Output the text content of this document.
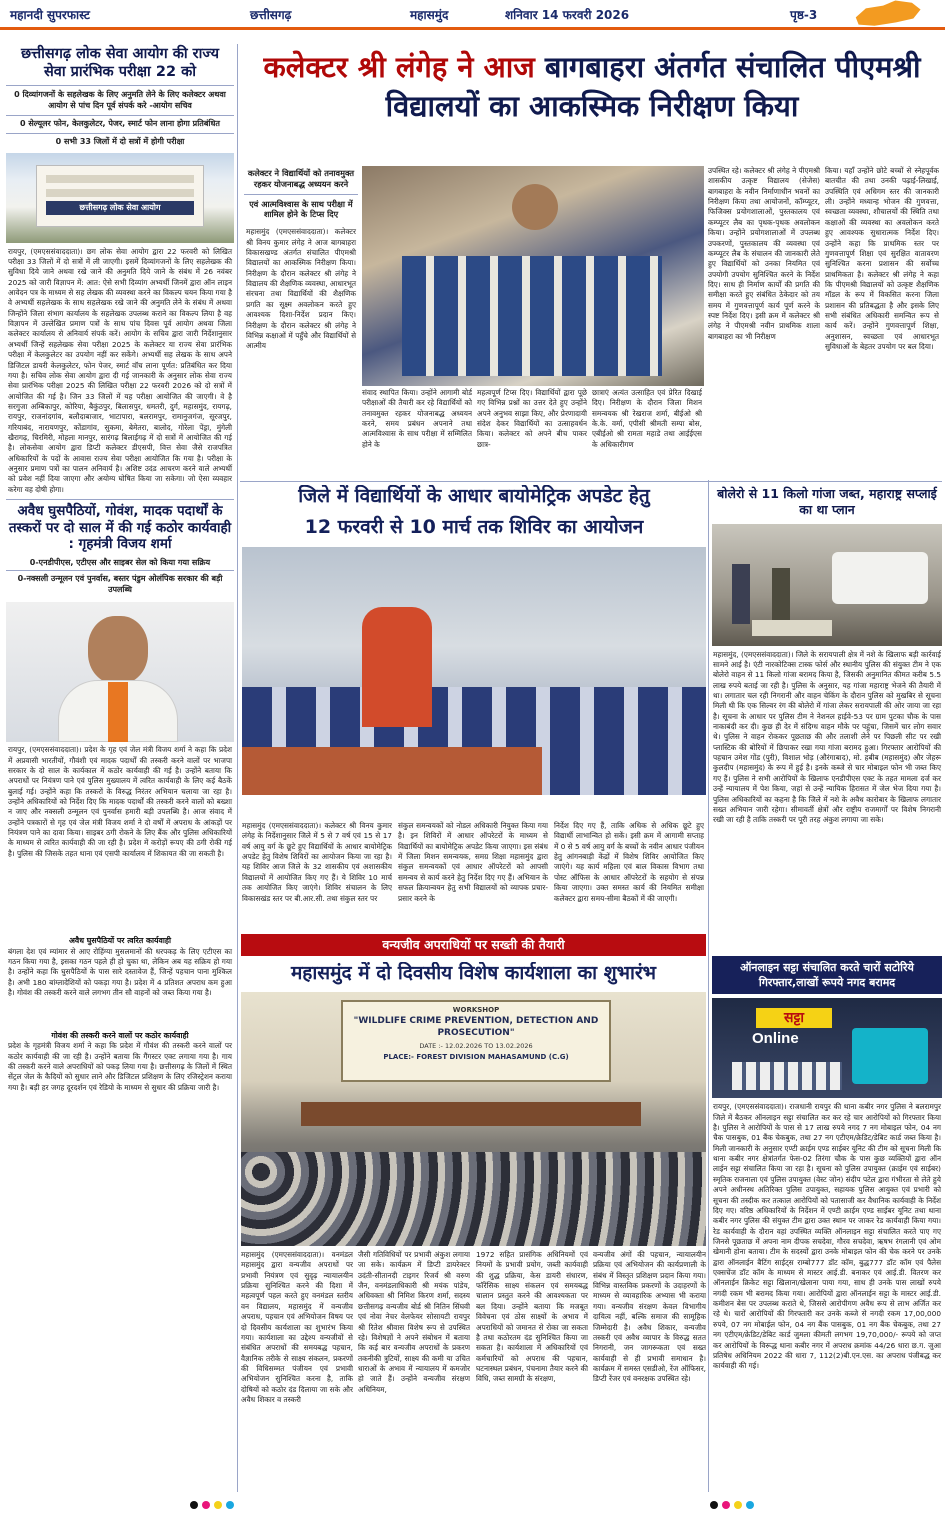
महानदी सुपरफास्ट	छत्तीसगढ़	महासमुंद	शनिवार 14 फरवरी 2026	पृष्ठ-3
छत्तीसगढ़ लोक सेवा आयोग की राज्य सेवा प्रारंभिक परीक्षा 22 को
0 दिव्यांगजनों के सहलेखक के लिए अनुमति लेने के लिए कलेक्टर अथवा आयोग से पांच दिन पूर्व संपर्क करे -आयोग सचिव
0 सेल्यूलर फोन, केलकुलेटर, पेजर, स्मार्ट फोन लाना होगा प्रतिबंधित
0 सभी 33 जिलों में दो सत्रों में होगी परीक्षा
छत्तीसगढ़ लोक सेवा आयोग
रायपुर, (एमएससंवाददाता)। छग लोक सेवा आयोग द्वारा 22 फरवरी को लिखित परीक्षा 33 जिलों में दो सत्रों में ली जाएगी। इसमें दिव्यांगजनों के लिए सहलेखक की सुविधा दिये जाने अथवा रखे जाने की अनुमति दिये जाने के संबंध में 26 नवंबर 2025 को जारी विज्ञापन में: आत: ऐसे सभी दिव्यांग अभ्यर्थी जिनमें द्वारा ऑन लाइन आवेदन पत्र के माध्यम से सह लेखक की व्यवस्था करने का विकल्प चयन किया गया है वे अभ्यर्थी सहलेखक के साथ सहलेखक रखे जाने की अनुमति लेने के संबंध में अथवा जिन्होंने जिला संभाग कार्यालय के सहलेखक उपलब्ध कराने का विकल्प लिया है वह विज्ञापन में उल्लेखित प्रमाण पत्रों के साथ पांच दिवस पूर्व आयोग अथवा जिला कलेक्टर कार्यालय से अनिवार्य संपर्क करें। आयोग के सचिव द्वारा जारी निर्देशानुसार अभ्यर्थी जिन्हें सहलेखक सेवा परीक्षा 2025 के कलेक्टर या राज्य सेवा प्रारंभिक परीक्षा में केलकुलेटर का उपयोग नहीं कर सकेंगे। अभ्यर्थी सह लेखक के साथ अपने डिजिटल डायरी केलकुलेटर, फोन पेजर, स्मार्ट वॉच लाना पूर्णत: प्रतिबंधित कर दिया गया है। सचिव लोक सेवा आयोग द्वारा दी गई जानकारी के अनुसार लोक सेवा राज्य सेवा प्रारंभिक परीक्षा 2025 की लिखित परीक्षा 22 फरवरी 2026 को दो सत्रों में आयोजित की गई है। जिन 33 जिलों में यह परीक्षा आयोजित की जाएगी। वे है सरगुजा अम्बिकापुर, कोरिया, बैकुंठपुर, बिलासपुर, धमतरी, दुर्ग, महासमुंद, रायगढ़, रायपुर, राजनांदगांव, बलौदाबाजार, भाटापारा, बलरामपुर, रामानुजगंज, सूरजपुर, गरियाबंद, नारायणपुर, कोंडागांव, सुकमा, बेमेतरा, बालोद, गोरेला पेंड्रा, मुंगेली खैरागढ़, चिरमिरी, मोहला मानपुर, सारंगढ़ बिलाईगढ़ में दो सत्रों में आयोजित की गई है। लोकसेवा आयोग द्वारा डिप्टी कलेक्टर डीएसपी, वित्त सेवा जैसे राजपत्रित अधिकारियों के पदों के आवास राज्य सेवा परीक्षा आयोजित कि गया है। परीक्षा के अनुसार प्रमाण पत्रों का पालन अनिवार्य है। अशिष्ट उदंड आचरण करने वाले अभ्यर्थी को प्रवेश नहीं दिया जाएगा और अयोग्य घोषित किया जा सकेगा। जो ऐसा व्यवहार करेगा वह दोषी होगा।
अवैध घुसपैठियों, गोवंश, मादक पदार्थों के तस्करों पर दो साल में की गई कठोर कार्यवाही : गृहमंत्री विजय शर्मा
0-एनडीपीएस, एटीएस और साइबर सेल को किया गया सक्रिय
0-नक्सली उन्मूलन एवं पुनर्वास, बस्तर पंडुम ओलंपिक सरकार की बड़ी उपलब्धि
रायपुर, (एमएससंवाददाता)। प्रदेश के गृह एवं जेल मंत्री विजय शर्मा ने कहा कि प्रदेश में अप्रवासी भारतीयों, गौवंशी एवं मादक पदार्थों की तस्करी करने वालों पर भाजपा सरकार के दो साल के कार्यकाल में कठोर कार्यवाही की गई है। उन्होंने बताया कि अपराधों पर नियंत्रण पाने एवं पुलिस मुख्यालय में त्वरित कार्यवाही के लिए कई बैठकें बुलाई गई। उन्होंने कहा कि तस्करों के विरुद्ध निरंतर अभियान चलाया जा रहा है। उन्होंने अधिकारियों को निर्देश दिए कि मादक पदार्थों की तस्करी करने वालों को बख्शा न जाए और नक्सली उन्मूलन एवं पुनर्वास हमारी बड़ी उपलब्धि है। आज संवाद में उन्होंने पत्रकारों से गृह एवं जेल मंत्री विजय शर्मा ने दो वर्षों में अपराध के आंकड़ों पर नियंत्रण पाने का दावा किया। साइबर ठगी रोकने के लिए बैंक और पुलिस अधिकारियों के माध्यम से त्वरित कार्यवाही की जा रही है। प्रदेश में करोड़ों रूपए की ठगी रोकी गई है। पुलिस की जिसके तहत थाना एवं एसपी कार्यालय में शिकायत की जा सकती है।
अवैध घुसपैठियों पर त्वरित कार्यवाही
बंगला देश एवं म्यांमार से आए रोहिंग्या मुसलमानों की धरपकड़ के लिए एटीएस का गठन किया गया है, इसका गठन पहले ही हो चुका था, लेकिन अब यह सक्रिय हो गया है। उन्होंने कहा कि घुसपैठियों के पास सारे दस्तावेज हैं, जिन्हें पहचान पाना मुश्किल है। अभी 180 बांग्लादेशियों को पकड़ा गया है। प्रदेश में 4 प्रतिशत अपराध कम हुआ है। गोवंश की तस्करी करने वाले लगभग तीन सौ वाहनों को जब्त किया गया है।
गोवंश की तस्करी करने वालों पर कठोर कार्यवाही
प्रदेश के गृहमंत्री विजय शर्मा ने कहा कि प्रदेश में गौवंश की तस्करी करने वालों पर कठोर कार्यवाही की जा रही है। उन्होंने बताया कि गैंगस्टर एक्ट लगाया गया है। गाय की तस्करी करने वाले अपराधियों को पकड़ लिया गया है। छत्तीसगढ़ के जिलों में स्थित सेंट्रल जेल के कैदियों को सुधार लाने और डिजिटल प्रशिक्षण के लिए रजिस्ट्रेशन कराया गया है। बड़ी हर जगह दूरदर्शन एवं रेडियो के माध्यम से सुधार की प्रक्रिया जारी है।
कलेक्टर श्री लंगेह ने आज बागबाहरा अंतर्गत संचालित पीएमश्री विद्यालयों का आकस्मिक निरीक्षण किया
कलेक्टर ने विद्यार्थियों को तनावमुक्त रहकर योजनाबद्ध अध्ययन करने
एवं आत्मविश्वास के साथ परीक्षा में शामिल होने के टिप्स दिए
महासमुंद (एमएससंवाददाता)। कलेक्टर श्री विनय कुमार लंगेह ने आज बागबाहरा विकासखण्ड अंतर्गत संचालित पीएमश्री विद्यालयों का आकस्मिक निरीक्षण किया। निरीक्षण के दौरान कलेक्टर श्री लंगेह ने विद्यालय की शैक्षणिक व्यवस्था, आधारभूत संरचना तथा विद्यार्थियों की शैक्षणिक प्रगति का सूक्ष्म अवलोकन करते हुए आवश्यक दिशा-निर्देश प्रदान किए। निरीक्षण के दौरान कलेक्टर श्री लंगेह ने विभिन्न कक्षाओं में पहुँचे और विद्यार्थियों से आत्मीय
संवाद स्थापित किया। उन्होंने आगामी बोर्ड परीक्षाओं की तैयारी कर रहे विद्यार्थियों को तनावमुक्त रहकर योजनाबद्ध अध्ययन करने, समय प्रबंधन अपनाने तथा आत्मविश्वास के साथ परीक्षा में सम्मिलित होने के
महत्वपूर्ण टिप्स दिए। विद्यार्थियों द्वारा पूछे गए विभिन्न प्रश्नों का उत्तर देते हुए उन्होंने अपने अनुभव साझा किए, और प्रेरणादायी संदेश देकर विद्यार्थियों का उत्साहवर्धन किया। कलेक्टर को अपने बीच पाकर छात्र-
छात्राएं अत्यंत उत्साहित एवं प्रेरित दिखाई दिए। निरीक्षण के दौरान जिला मिशन समन्वयक श्री रेखराज शर्मा, बीईओ श्री के.के. वर्मा, एपीसी श्रीमती सम्पा बोस, एबीईओ श्री रामता महाडे तथा आईईएस के अधिकारीगण
उपस्थित रहे। कलेक्टर श्री लंगेह ने पीएमश्री शासकीय उत्कृष्ट विद्यालय (सेजेस) बागबाहरा के नवीन निर्माणाधीन भवनों का निरीक्षण किया तथा आयोजनों, कॉम्प्यूटर, फिजिक्स प्रयोगशालाओं, पुस्तकालय एवं कम्प्यूटर लैब का पृथक-पृथक अवलोकन किया। उन्होंने प्रयोगशालाओं में उपलब्ध उपकरणों, पुस्तकालय की व्यवस्था एवं कम्प्यूटर लैब के संचालन की जानकारी लेते हुए विद्यार्थियों को उनका नियमित एवं उपयोगी उपयोग सुनिश्चित करने के निर्देश दिए। साथ ही निर्माण कार्यों की प्रगति की समीक्षा करते हुए संबंधित ठेकेदार को तय समय में गुणवत्तापूर्ण कार्य पूर्ण करने के स्पष्ट निर्देश दिए। इसी क्रम में कलेक्टर श्री लंगेह ने पीएमश्री नवीन प्राथमिक शाला बागबाहरा का भी निरीक्षण
किया। यहाँ उन्होंने छोटे बच्चों से स्नेहपूर्वक बातचीत की तथा उनकी पढ़ाई-लिखाई, उपस्थिति एवं अधिगम स्तर की जानकारी ली। उन्होंने मध्यान्ह भोजन की गुणवत्ता, स्वच्छता व्यवस्था, शौचालयों की स्थिति तथा कक्षाओं की व्यवस्था का अवलोकन करते हुए आवश्यक सुधारात्मक निर्देश दिए। उन्होंने कहा कि प्राथमिक स्तर पर गुणवत्तापूर्ण शिक्षा एवं सुरक्षित वातावरण सुनिश्चित करना प्रशासन की सर्वोच्च प्राथमिकता है। कलेक्टर श्री लंगेह ने कहा कि पीएमश्री विद्यालयों को उत्कृष्ट शैक्षणिक मॉडल के रूप में विकसित करना जिला प्रशासन की प्रतिबद्धता है और इसके लिए सभी संबंधित अधिकारी समन्वित रूप से कार्य करें। उन्होंने गुणवत्तापूर्ण शिक्षा, अनुशासन, स्वच्छता एवं आधारभूत सुविधाओं के बेहतर उपयोग पर बल दिया।
जिले में विद्यार्थियों के आधार बायोमेट्रिक अपडेट हेतु
12 फरवरी से 10 मार्च तक शिविर का आयोजन
महासमुंद (एमएससंवाददाता)। कलेक्टर श्री विनय कुमार लंगेह के निर्देशानुसार जिले में 5 से 7 वर्ष एवं 15 से 17 वर्ष आयु वर्ग के छूटे हुए विद्यार्थियों के आधार बायोमेट्रिक अपडेट हेतु विशेष शिविरों का आयोजन किया जा रहा है। यह शिविर आज जिले के 32 शासकीय एवं अशासकीय विद्यालयों में आयोजित किए गए हैं। ये शिविर 10 मार्च तक आयोजित किए जाएंगे। शिविर संचालन के लिए विकासखंड स्तर पर बी.आर.सी. तथा संकुल स्तर पर
संकुल समन्वयकों को नोडल अधिकारी नियुक्त किया गया है। इन शिविरों में आधार ऑपरेटरों के माध्यम से विद्यार्थियों का बायोमेट्रिक अपडेट किया जाएगा। इस संबंध में जिला मिशन समन्वयक, समग्र शिक्षा महासमुंद द्वारा संकुल समन्वयकों एवं आधार ऑपरेटरों को आपसी समन्वय से कार्य करने हेतु निर्देश दिए गए हैं। अभियान के सफल क्रियान्वयन हेतु सभी विद्यालयों को व्यापक प्रचार-प्रसार करने के
निर्देश दिए गए हैं, ताकि अधिक से अधिक छूटे हुए विद्यार्थी लाभान्वित हो सकें। इसी क्रम में आगामी सप्ताह में 0 से 5 वर्ष आयु वर्ग के बच्चों के नवीन आधार पंजीयन हेतु आंगनबाड़ी केंद्रों में विशेष शिविर आयोजित किए जाएंगे। यह कार्य महिला एवं बाल विकास विभाग तथा पोस्ट ऑफिस के आधार ऑपरेटरों के सहयोग से संपन्न किया जाएगा। उक्त समस्त कार्य की नियमित समीक्षा कलेक्टर द्वारा समय-सीमा बैठकों में की जाएगी।
बोलेरो से 11 किलो गांजा जब्त, महाराष्ट्र सप्लाई का था प्लान
महासमुंद, (एमएससंवाददाता)। जिले के सरायपाली क्षेत्र में नशे के खिलाफ बड़ी कार्रवाई सामने आई है। एंटी नारकोटिक्स टास्क फोर्स और स्थानीय पुलिस की संयुक्त टीम ने एक बोलेरो वाहन से 11 किलो गांजा बरामद किया है, जिसकी अनुमानित कीमत करीब 5.5 लाख रुपये बताई जा रही है। पुलिस के अनुसार, यह गांजा महाराष्ट्र भेजने की तैयारी में था। लगातार चल रही निगरानी और वाहन चेकिंग के दौरान पुलिस को मुखबिर से सूचना मिली थी कि एक सिल्वर रंग की बोलेरो में गांजा लेकर सरायपाली की ओर जाया जा रहा है। सूचना के आधार पर पुलिस टीम ने नेशनल हाईवे-53 पर ग्राम पुटका चौक के पास नाकाबंदी कर दी। कुछ ही देर में संदिग्ध वाहन मौके पर पहुंचा, जिसमें चार लोग सवार थे। पुलिस ने वाहन रोककर पूछताछ की और तलाशी लेने पर पिछली सीट पर रखी प्लास्टिक की बोरियों में छिपाकर रखा गया गांजा बरामद हुआ। गिरफ्तार आरोपियों की पहचान उमेश गोंड (पुरी), विशाल भोड़ (औरंगाबाद), मो. हबीब (महासमुंद) और जेहरू कुलदीप (महासमुंद) के रूप में हुई है। इनके कब्जे से चार मोबाइल फोन भी जब्त किए गए हैं। पुलिस ने सभी आरोपियों के खिलाफ एनडीपीएस एक्ट के तहत मामला दर्ज कर उन्हें न्यायालय में पेश किया, जहां से उन्हें न्यायिक हिरासत में जेल भेज दिया गया है। पुलिस अधिकारियों का कहना है कि जिले में नशे के अवैध कारोबार के खिलाफ लगातार सख्त अभियान जारी रहेगा। सीमावर्ती क्षेत्रों और राष्ट्रीय राजमार्गों पर विशेष निगरानी रखी जा रही है ताकि तस्करी पर पूरी तरह अंकुश लगाया जा सके।
ऑनलाइन सट्टा संचालित करते चारों सटोरिये गिरफ्तार,लाखों रूपये नगद बरामद
सट्टा
Online
रायपुर, (एमएससंवाददाता)। राजधानी रायपुर की थाना कबीर नगर पुलिस ने बलरामपुर जिले में बैठकर ऑनलाइन सट्टा संचालित कर कर रहे चार आरोपियों को गिरफ्तार किया है। पुलिस ने आरोपियों के पास से 17 लाख रुपये नगद 7 नग मोबाइल फोन, 04 नग चैक पासबुक, 01 बैंक चेकबुक, तथा 27 नग एटीएम/क्रेडिट/डेबिट कार्ड जब्त किया है। मिली जानकारी के अनुसार एण्टी क्राईम एण्ड साईबर यूनिट की टीम को सूचना मिली कि थाना कबीर नगर क्षेत्रांतर्गत फेस-02 तिरंगा चौक के पास कुछ व्यक्तियों द्वारा ऑन लाईन सट्टा संचालित किया जा रहा है। सूचना को पुलिस उपायुक्त (क्राईम एवं साईबर) स्मृतिक राजनाला एवं पुलिस उपायुक्त (वेस्ट जोन) संदीप पटेल द्वारा गंभीरता से लेते हुये अपने अधीनस्थ अतिरिक्त पुलिस उपायुक्त, सहायक पुलिस आयुक्त एवं प्रभारी को सूचना की तस्दीक कर तत्काल आरोपियों को पतासाजी कर वैधानिक कार्यवाही के निर्देश दिए गए। वरिष्ठ अधिकारियों के निर्देशन में एण्टी क्राईम एण्ड साईबर यूनिट तथा थाना कबीर नगर पुलिस की संयुक्त टीम द्वारा उक्त स्थान पर जाकर रेड कार्यवाही किया गया। रेड कार्यवाही के दौरान वहां उपस्थित व्यक्ति ऑनलाइन सट्टा संचालित करते पाए गए जिनसे पूछताछ में अपना नाम दीपक सचदेवा, गौरव सचदेवा, ऋषभ रंगलानी एवं ओम खेमानी होना बताया। टीम के सदस्यों द्वारा उनके मोबाइल फोन की चेक करने पर उनके द्वारा ऑनलाईन बैटिंग साईट्स राम्बो777 डॉट कॉम, बुद्ध777 डॉट कॉम एवं पैलेस एक्सचेंज डॉट कॉम के माध्यम से मास्टर आई.डी. बनाकर एवं आई.डी. वितरण कर ऑनलाईन क्रिकेट सट्टा खिलाना/खेलाना पाया गया, साथ ही उनके पास लाखों रुपये नगदी रकम भी बरामद किया गया। आरोपियों द्वारा ऑनलाईन सट्टा के मास्टर आई.डी. कमीशन बेस पर उपलब्ध कराते थे, जिससे आरोपीगण अवैध रूप से लाभ अर्जित कर रहे थे। चारों आरोपियों की गिरफ्तारी कर उनके कब्जे से नगदी रकम 17,00,000 रुपये, 07 नग मोबाईल फोन, 04 नग बैंक पासबुक, 01 नग बैंक चेकबुक, तथा 27 नग एटीएम/क्रेडिट/डेबिट कार्ड जुमला कीमती लगभग 19,70,000/- रूपये को जप्त कर आरोपियों के विरूद्ध थाना कबीर नगर में अपराध क्रमांक 44/26 धारा छ.ग. जुआ प्रतिषेध अधिनियम 2022 की धारा 7, 112(2)बी.एन.एस. का अपराध पंजीबद्ध कर कार्यवाही की गई।
वन्यजीव अपराधियों पर सख्ती की तैयारी
महासमुंद में दो दिवसीय विशेष कार्यशाला का शुभारंभ
WORKSHOP
"WILDLIFE CRIME PREVENTION, DETECTION AND PROSECUTION"
DATE :- 12.02.2026 TO 13.02.2026
PLACE:- FOREST DIVISION MAHASAMUND (C.G)
महासमुंद (एमएससंवाददाता)। वनमंडल महासमुंद द्वारा वन्यजीव अपराधों पर प्रभावी नियंत्रण एवं सुदृढ़ न्यायालयीन प्रक्रिया सुनिश्चित करने की दिशा में महत्वपूर्ण पहल करते हुए वनमंडल स्तरीय वन विद्यालय, महासमुंद में वन्यजीव अपराध, पहचान एवं अभियोजन विषय पर दो दिवसीय कार्यशाला का शुभारंभ किया गया। कार्यशाला का उद्देश्य वन्यजीवों से संबंधित अपराधों की समयबद्ध पहचान, वैज्ञानिक तरीके से साक्ष्य संकलन, प्रकरणों की विधिसम्मत पंजीयन एवं प्रभावी अभियोजन सुनिश्चित करना है, ताकि दोषियों को कठोर दंड दिलाया जा सके और अवैध शिकार व तस्करी
जैसी गतिविधियों पर प्रभावी अंकुश लगाया जा सके। कार्यक्रम में डिप्टी डायरेक्टर उदंती-सीतानदी टाइगर रिजर्व श्री वरुण जैन, वनमंडलाधिकारी श्री मयंक पांडेय, अधिवक्ता श्री निमिश किरण शर्मा, सदस्य छत्तीसगढ़ वन्यजीव बोर्ड श्री नितिन सिंघवी एवं नोवा नेचर वेलफेयर सोसायटी रायपुर श्री रितेश श्रीवास विशेष रूप से उपस्थित रहे। विशेषज्ञों ने अपने संबोधन में बताया कि कई बार वन्यजीव अपराधों के प्रकरण तकनीकी त्रुटियों, साक्ष्य की कमी या उचित धाराओं के अभाव में न्यायालय में कमजोर हो जाते हैं। उन्होंने वन्यजीव संरक्षण अधिनियम,
1972 सहित प्रासंगिक अधिनियमों एवं नियमों के प्रभावी प्रयोग, जब्ती कार्यवाही की शुद्ध प्रक्रिया, केस डायरी संधारण, फॉरेंसिक साक्ष्य संकलन एवं समयबद्ध चालान प्रस्तुत करने की आवश्यकता पर बल दिया। उन्होंने बताया कि मजबूत विवेचना एवं ठोस साक्ष्यों के अभाव में अपराधियों को जमानत से रोका जा सकता है तथा कठोरतम दंड सुनिश्चित किया जा सकता है। कार्यशाला में अधिकारियों एवं कर्मचारियों को अपराध की पहचान, घटनास्थल प्रबंधन, पंचनामा तैयार करने की विधि, जब्त सामग्री के संरक्षण,
वन्यजीव अंगों की पहचान, न्यायालयीन प्रक्रिया एवं अभियोजन की कार्यप्रणाली के संबंध में विस्तृत प्रशिक्षण प्रदान किया गया। विभिन्न वास्तविक प्रकरणों के उदाहरणों के माध्यम से व्यावहारिक अभ्यास भी कराया गया। वन्यजीव संरक्षण केवल विभागीय दायित्व नहीं, बल्कि समाज की सामूहिक जिम्मेदारी है। अवैध शिकार, वन्यजीव तस्करी एवं अवैध व्यापार के विरुद्ध सतत निगरानी, जन जागरूकता एवं सख्त कार्यवाही से ही प्रभावी समाधान है। कार्यक्रम में समस्त एसडीओ, रेंज ऑफिसर, डिप्टी रेंजर एवं वनरक्षक उपस्थित रहे।
